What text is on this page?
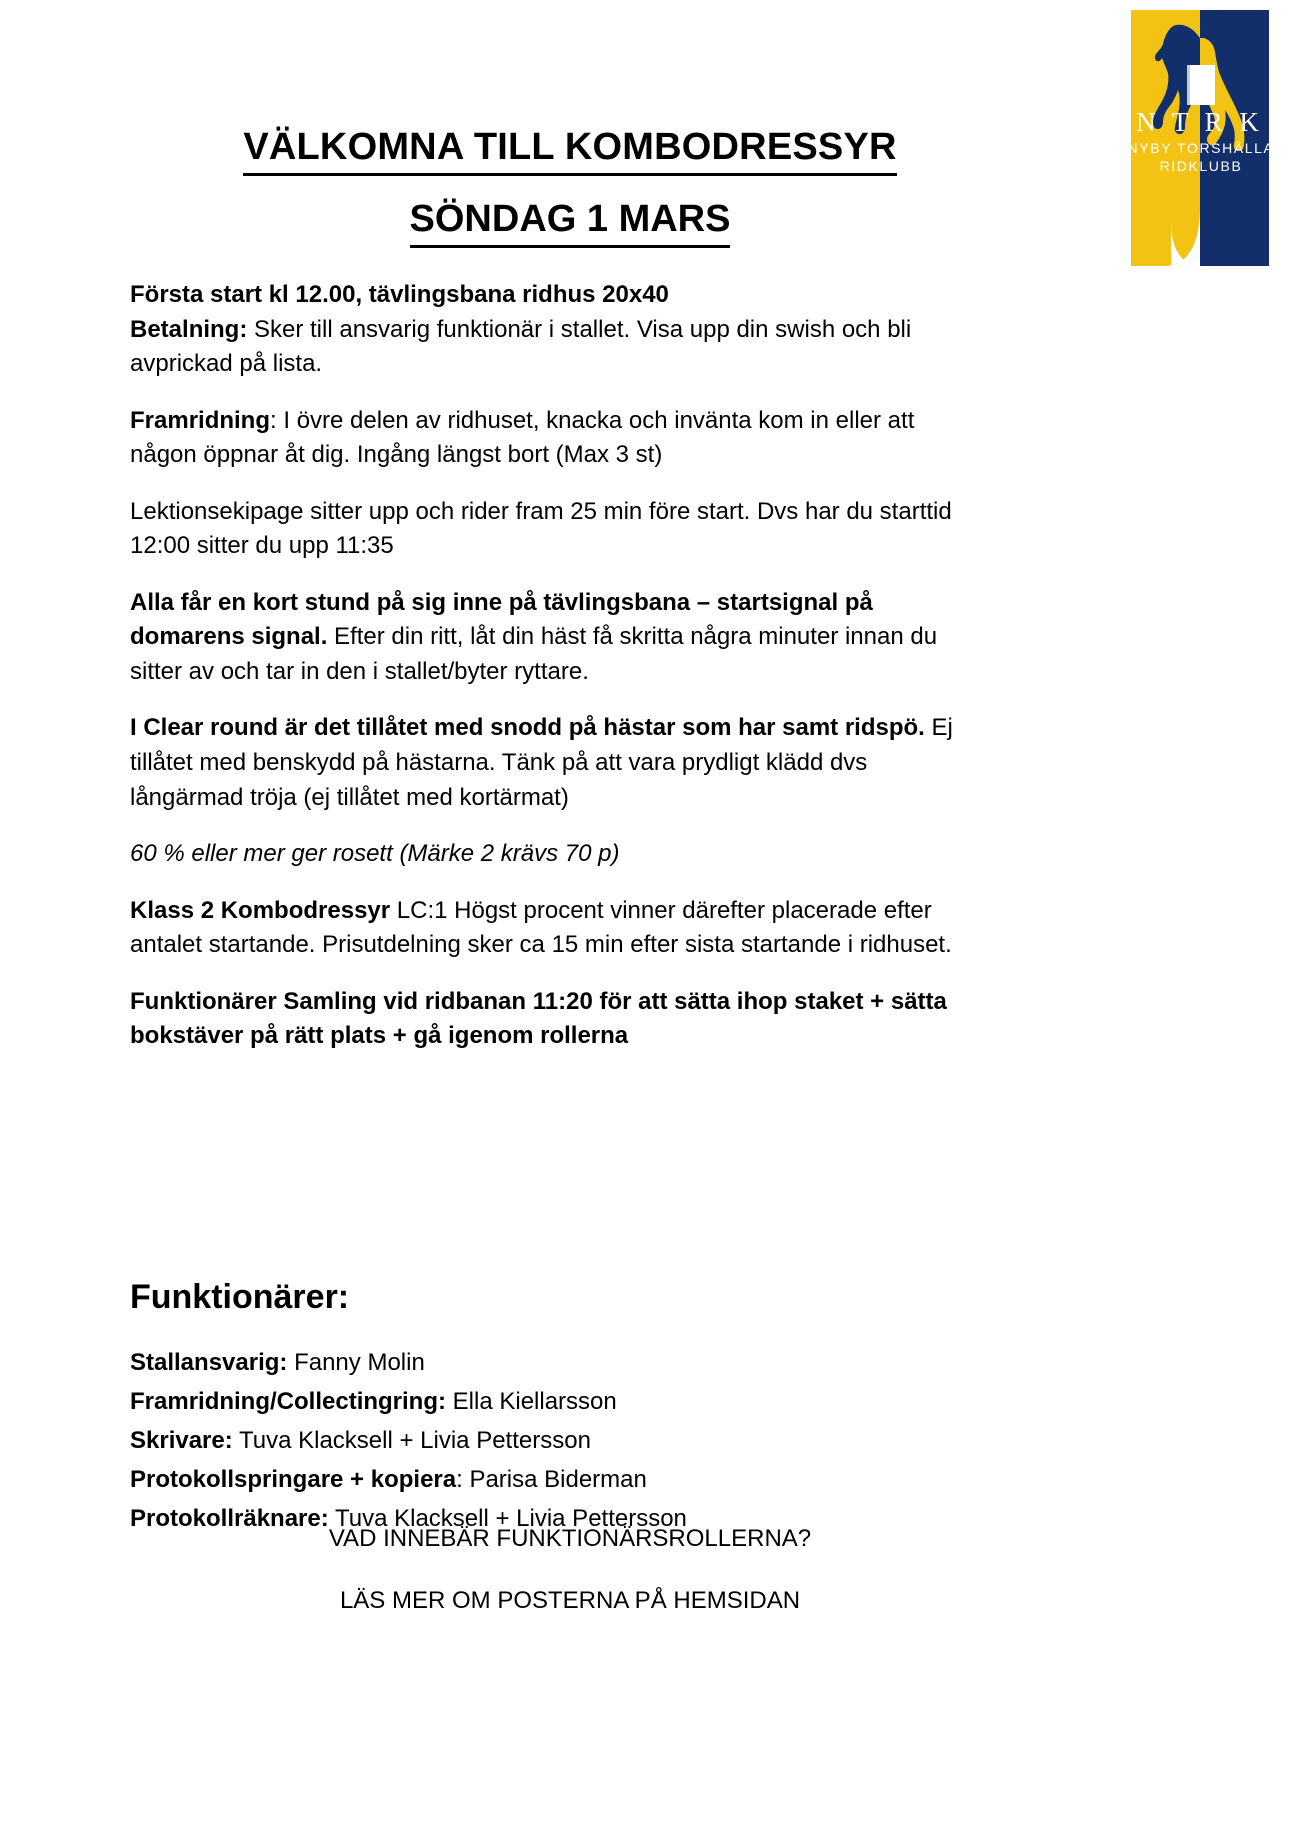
N T R K
NYBY TORSHÄLLA
RIDKLUBB
VÄLKOMNA TILL KOMBODRESSYR
SÖNDAG 1 MARS

Första start kl 12.00, tävlingsbana ridhus 20x40

Betalning: Sker till ansvarig funktionär i stallet. Visa upp din swish och bli avprickad på lista.

Framridning: I övre delen av ridhuset, knacka och invänta kom in eller att någon öppnar åt dig. Ingång längst bort (Max 3 st)

Lektionsekipage sitter upp och rider fram 25 min före start. Dvs har du starttid 12:00 sitter du upp 11:35

Alla får en kort stund på sig inne på tävlingsbana – startsignal på domarens signal. Efter din ritt, låt din häst få skritta några minuter innan du sitter av och tar in den i stallet/byter ryttare.

I Clear round är det tillåtet med snodd på hästar som har samt ridspö. Ej tillåtet med benskydd på hästarna. Tänk på att vara prydligt klädd dvs långärmad tröja (ej tillåtet med kortärmat)

60 % eller mer ger rosett (Märke 2 krävs 70 p)

Klass 2 Kombodressyr LC:1 Högst procent vinner därefter placerade efter antalet startande. Prisutdelning sker ca 15 min efter sista startande i ridhuset.

Funktionärer Samling vid ridbanan 11:20 för att sätta ihop staket + sätta bokstäver på rätt plats + gå igenom rollerna

Funktionärer:
Stallansvarig: Fanny Molin
Framridning/Collectingring: Ella Kiellarsson
Skrivare: Tuva Klacksell + Livia Pettersson
Protokollspringare + kopiera: Parisa Biderman
Protokollräknare: Tuva Klacksell + Livia Pettersson
VAD INNEBÄR FUNKTIONÄRSROLLERNA?
LÄS MER OM POSTERNA PÅ HEMSIDAN
